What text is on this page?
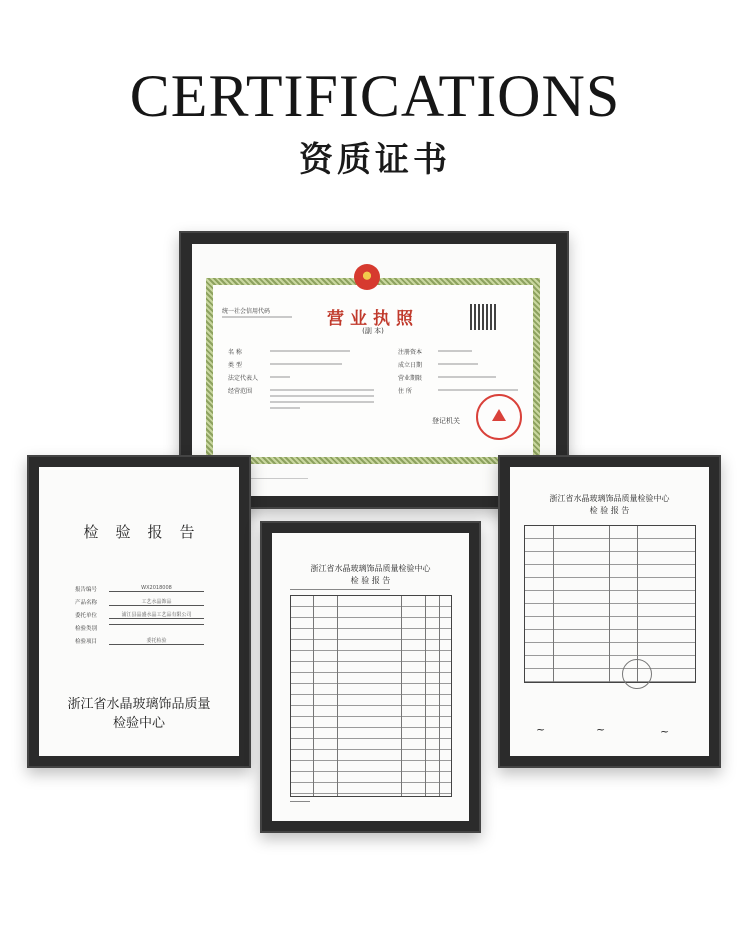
CERTIFICATIONS
资质证书
统一社会信用代码	营业执照
(副 本)
名 称
类 型
法定代表人
经营范围
注册资本
成立日期
营业期限
住 所
登记机关
检验报告
报告编号	WX2018008
产品名称	工艺水晶饰品
委托单位	浦江县晶盛水晶工艺品有限公司
检验类别
检验项目	委托检验
浙江省水晶玻璃饰品质量
检验中心
浙江省水晶玻璃饰品质量检验中心
检 验 报 告
浙江省水晶玻璃饰品质量检验中心
检 验 报 告
~	~	~
